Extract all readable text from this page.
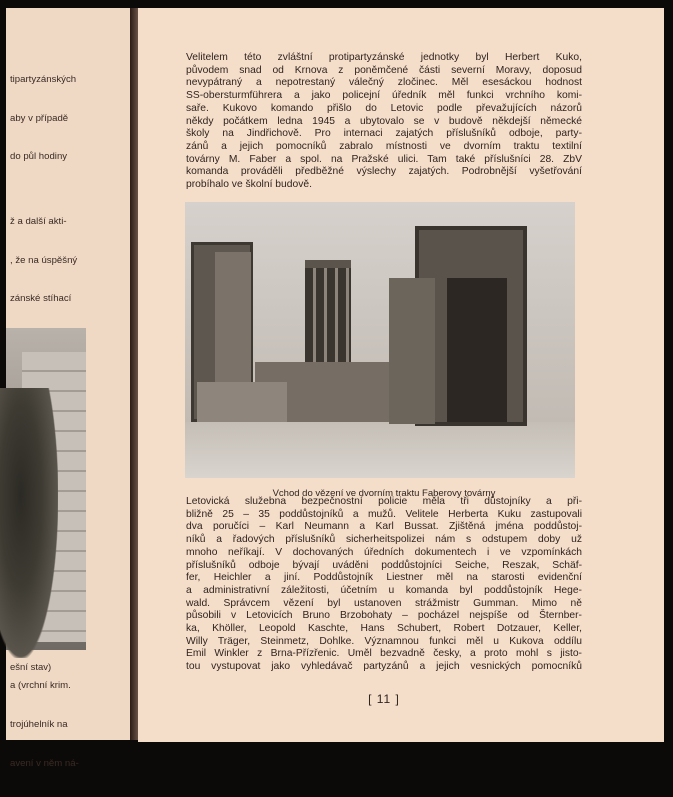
tipartyzánských

aby v případě

do půl hodiny

ž a další akti-

, že na úspěšný

zánské stíhací

a (vrchní krim.

trojúhelník na

avení v něm ná-

ešní stav)
Velitelem této zvláštní protipartyzánské jednotky byl Herbert Kuko,
původem snad od Krnova z poněmčené části severní Moravy, doposud
nevypátraný a nepotrestaný válečný zločinec. Měl esesáckou hodnost
SS-obersturmführera a jako policejní úředník měl funkci vrchního komi-
saře. Kukovo komando přišlo do Letovic podle převažujících názorů
někdy počátkem ledna 1945 a ubytovalo se v budově někdejší německé
školy na Jindřichově. Pro internaci zajatých příslušníků odboje, party-
zánů a jejich pomocníků zabralo místnosti ve dvorním traktu textilní
továrny M. Faber a spol. na Pražské ulici. Tam také příslušníci 28. ZbV
komanda prováděli předběžné výslechy zajatých. Podrobnější vyšetřování
probíhalo ve školní budově.
Vchod do vězení ve dvorním traktu Faberovy továrny
Letovická služebna bezpečnostní policie měla tři důstojníky a při-
bližně 25 – 35 poddůstojníků a mužů. Velitele Herberta Kuku zastupovali
dva poručíci – Karl Neumann a Karl Bussat. Zjištěná jména poddůstoj-
níků a řadových příslušníků sicherheitspolizei nám s odstupem doby už
mnoho neříkají. V dochovaných úředních dokumentech i ve vzpomínkách
příslušníků odboje bývají uváděni poddůstojníci Seiche, Reszak, Schäf-
fer, Heichler a jiní. Poddůstojník Liestner měl na starosti evidenční
a administrativní záležitosti, účetním u komanda byl poddůstojník Hege-
wald. Správcem vězení byl ustanoven strážmistr Gumman. Mimo ně
působili v Letovicích Bruno Brzobohaty – pocházel nejspíše od Šternber-
ka, Khöller, Leopold Kaschte, Hans Schubert, Robert Dotzauer, Keller,
Willy Träger, Steinmetz, Dohlke. Významnou funkci měl u Kukova oddílu
Emil Winkler z Brna-Přízřenic. Uměl bezvadně česky, a proto mohl s jisto-
tou vystupovat jako vyhledávač partyzánů a jejich vesnických pomocníků
[ 11 ]
